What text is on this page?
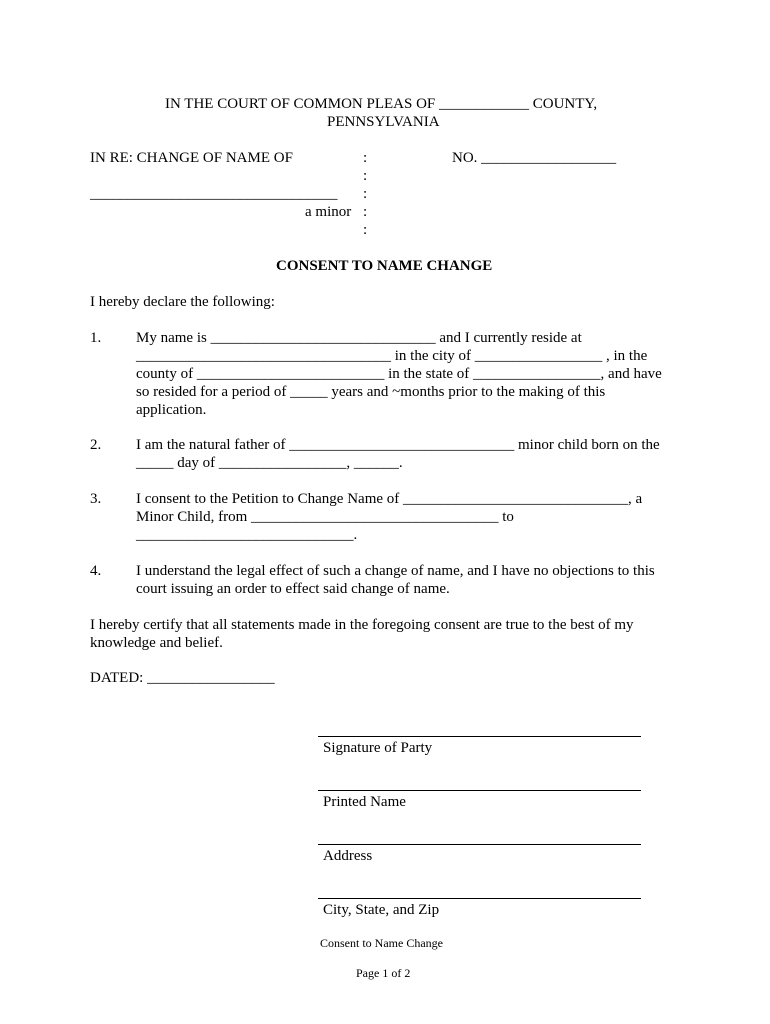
IN THE COURT OF COMMON PLEAS OF ____________ COUNTY,
PENNSYLVANIA
IN RE: CHANGE OF NAME OF	NO. __________________
:
:
_________________________________ :
a minor :
:
CONSENT TO NAME CHANGE
I hereby declare the following:
1. My name is ______________________________ and I currently reside at
__________________________________ in the city of _________________ , in the
county of _________________________ in the state of _________________, and have
so resided for a period of _____ years and ~months prior to the making of this
application.
2. I am the natural father of ______________________________ minor child born on the
_____ day of _________________, ______.
3. I consent to the Petition to Change Name of ______________________________, a
Minor Child, from _________________________________ to
_____________________________.
4. I understand the legal effect of such a change of name, and I have no objections to this
court issuing an order to effect said change of name.
I hereby certify that all statements made in the foregoing consent are true to the best of my
knowledge and belief.
DATED: _________________
Signature of Party
Printed Name
Address
City, State, and Zip
Consent to Name Change
Page 1 of 2
